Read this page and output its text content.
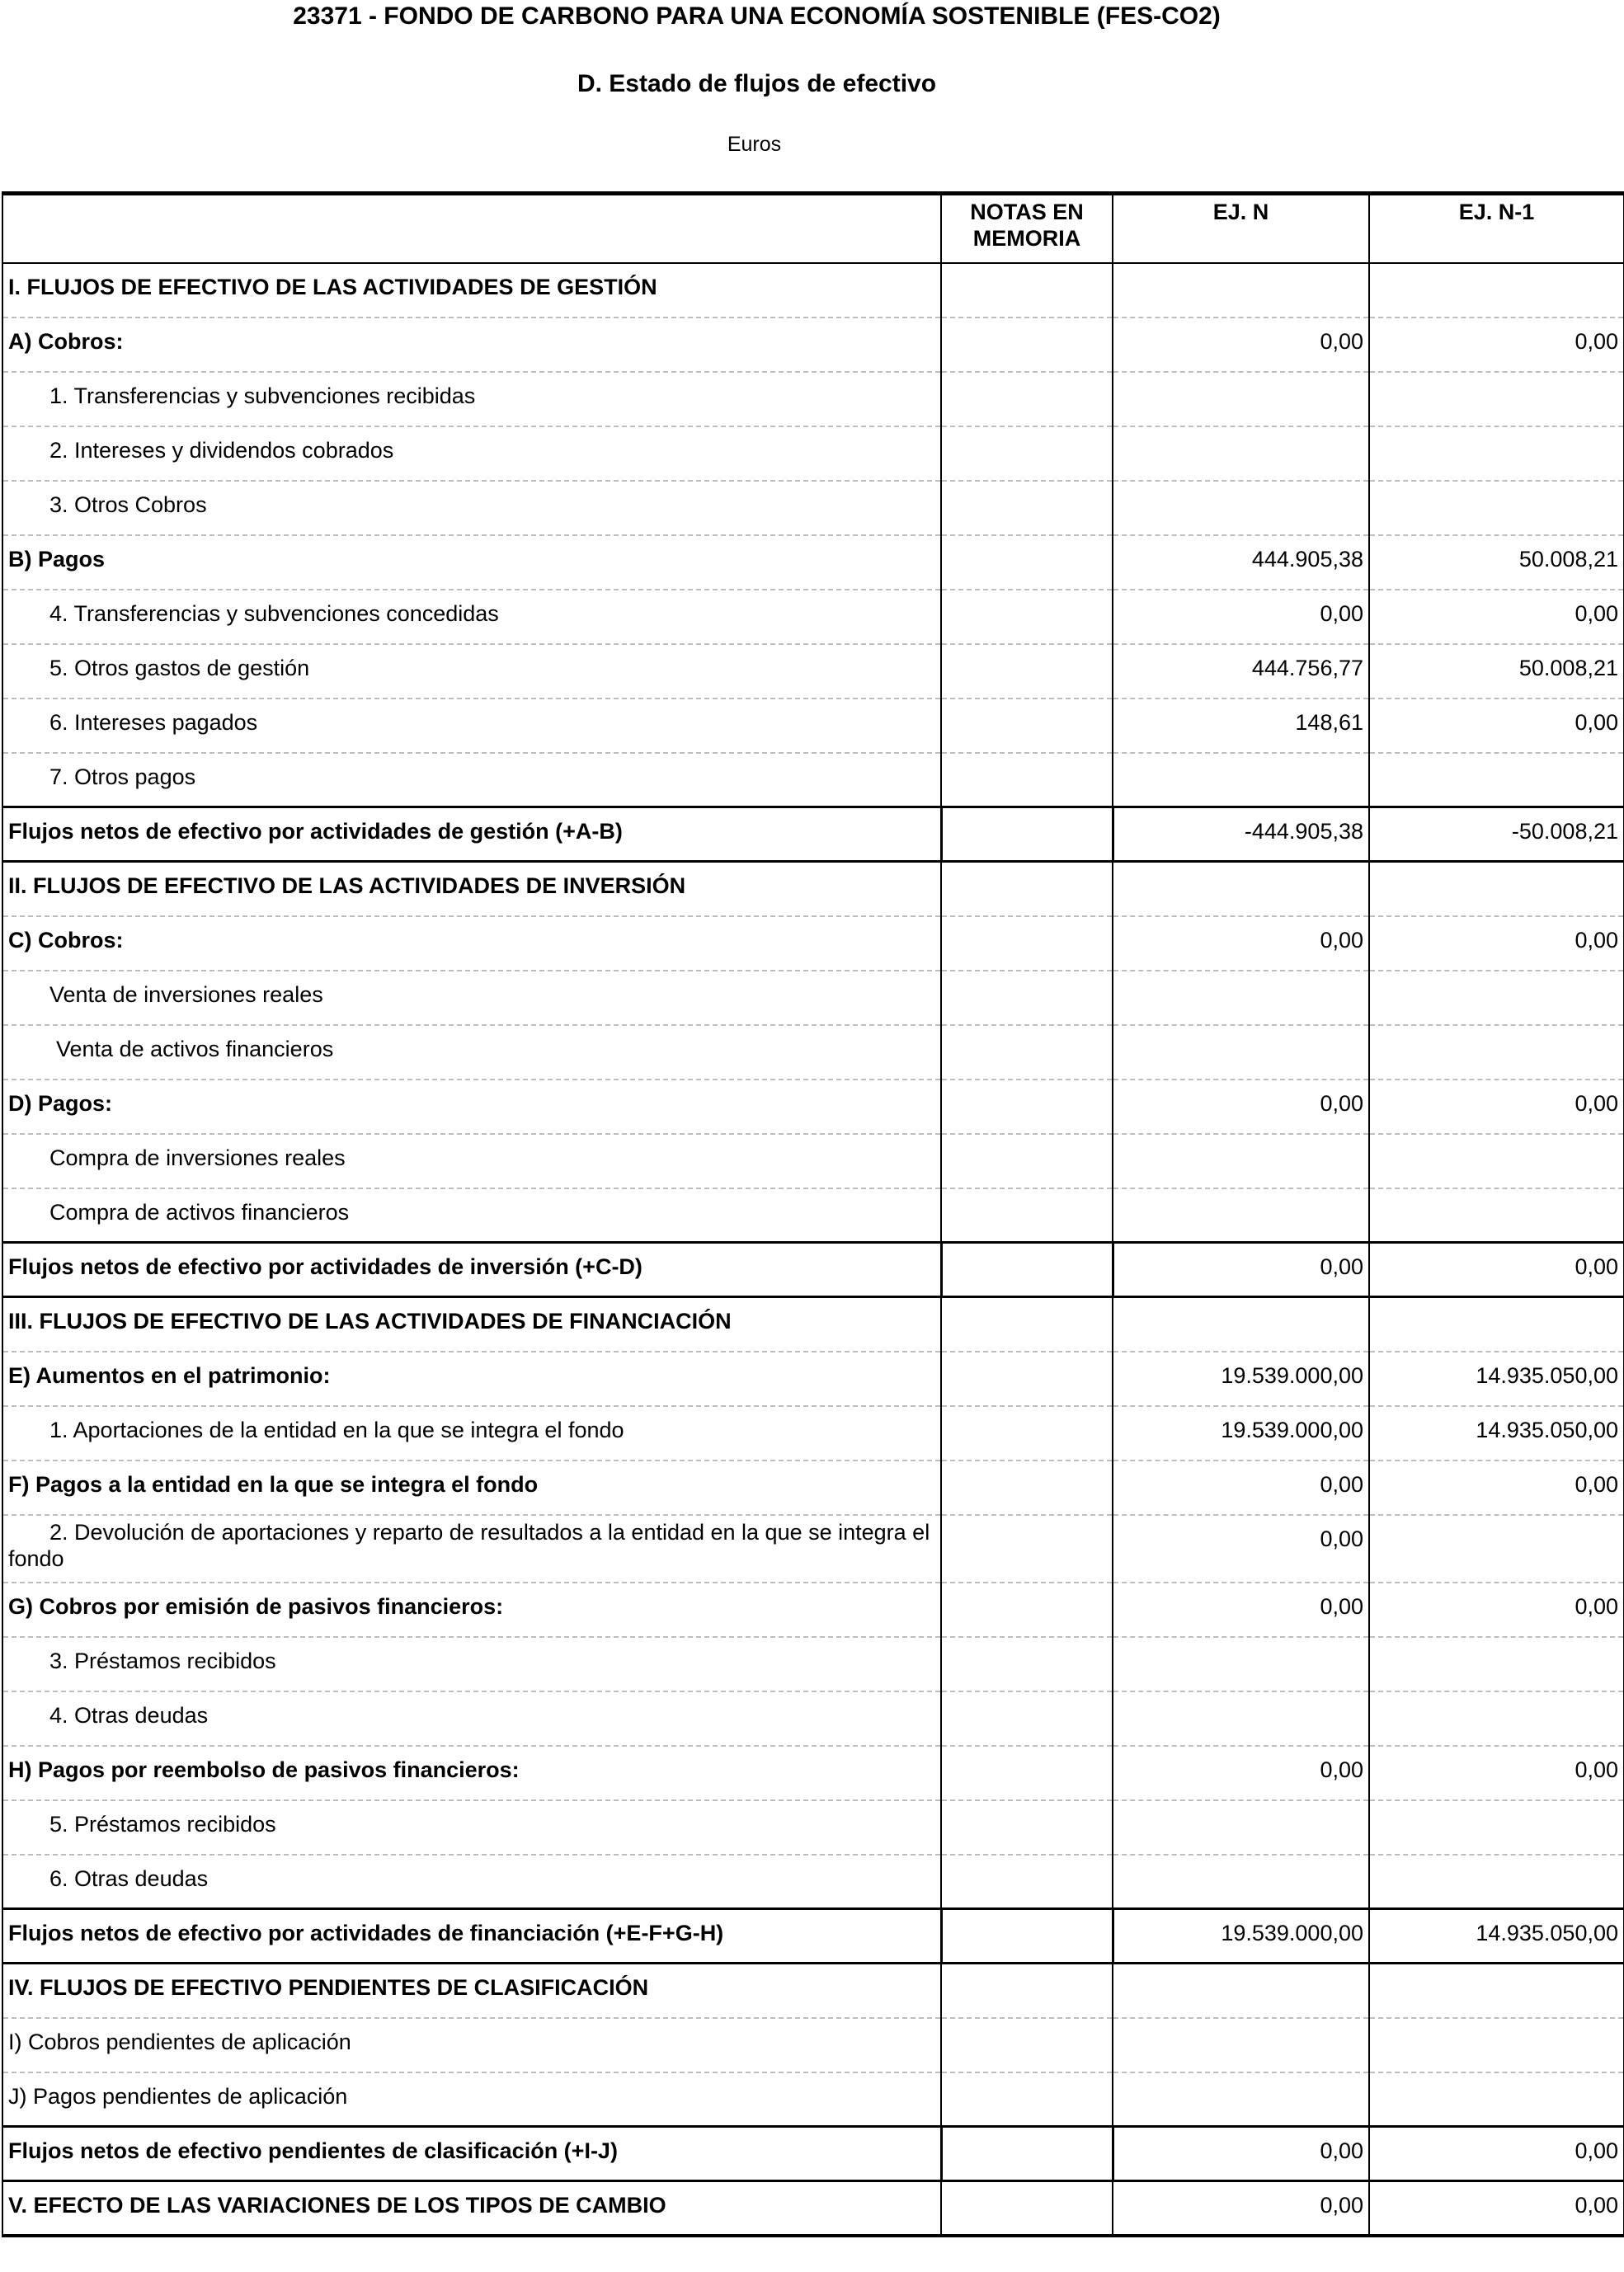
23371 - FONDO DE CARBONO PARA UNA ECONOMÍA SOSTENIBLE (FES-CO2)
D. Estado de flujos de efectivo
Euros
	NOTAS EN MEMORIA	EJ. N	EJ. N-1
I. FLUJOS DE EFECTIVO DE LAS ACTIVIDADES DE GESTIÓN			
A) Cobros:		0,00	0,00
1. Transferencias y subvenciones recibidas			
2. Intereses y dividendos cobrados			
3. Otros Cobros			
B) Pagos		444.905,38	50.008,21
4. Transferencias y subvenciones concedidas		0,00	0,00
5. Otros gastos de gestión		444.756,77	50.008,21
6. Intereses pagados		148,61	0,00
7. Otros pagos			
Flujos netos de efectivo por actividades de gestión (+A-B)		-444.905,38	-50.008,21
II. FLUJOS DE EFECTIVO DE LAS ACTIVIDADES DE INVERSIÓN			
C) Cobros:		0,00	0,00
Venta de inversiones reales			
Venta de activos financieros			
D) Pagos:		0,00	0,00
Compra de inversiones reales			
Compra de activos financieros			
Flujos netos de efectivo por actividades de inversión (+C-D)		0,00	0,00
III. FLUJOS DE EFECTIVO DE LAS ACTIVIDADES DE FINANCIACIÓN			
E) Aumentos en el patrimonio:		19.539.000,00	14.935.050,00
1. Aportaciones de la entidad en la que se integra el fondo		19.539.000,00	14.935.050,00
F) Pagos a la entidad en la que se integra el fondo		0,00	0,00
2. Devolución de aportaciones y reparto de resultados a la entidad en la que se integra el fondo		0,00	
G) Cobros por emisión de pasivos financieros:		0,00	0,00
3. Préstamos recibidos			
4. Otras deudas			
H) Pagos por reembolso de pasivos financieros:		0,00	0,00
5. Préstamos recibidos			
6. Otras deudas			
Flujos netos de efectivo por actividades de financiación (+E-F+G-H)		19.539.000,00	14.935.050,00
IV. FLUJOS DE EFECTIVO PENDIENTES DE CLASIFICACIÓN			
I) Cobros pendientes de aplicación			
J) Pagos pendientes de aplicación			
Flujos netos de efectivo pendientes de clasificación (+I-J)		0,00	0,00
V. EFECTO DE LAS VARIACIONES DE LOS TIPOS DE CAMBIO		0,00	0,00
